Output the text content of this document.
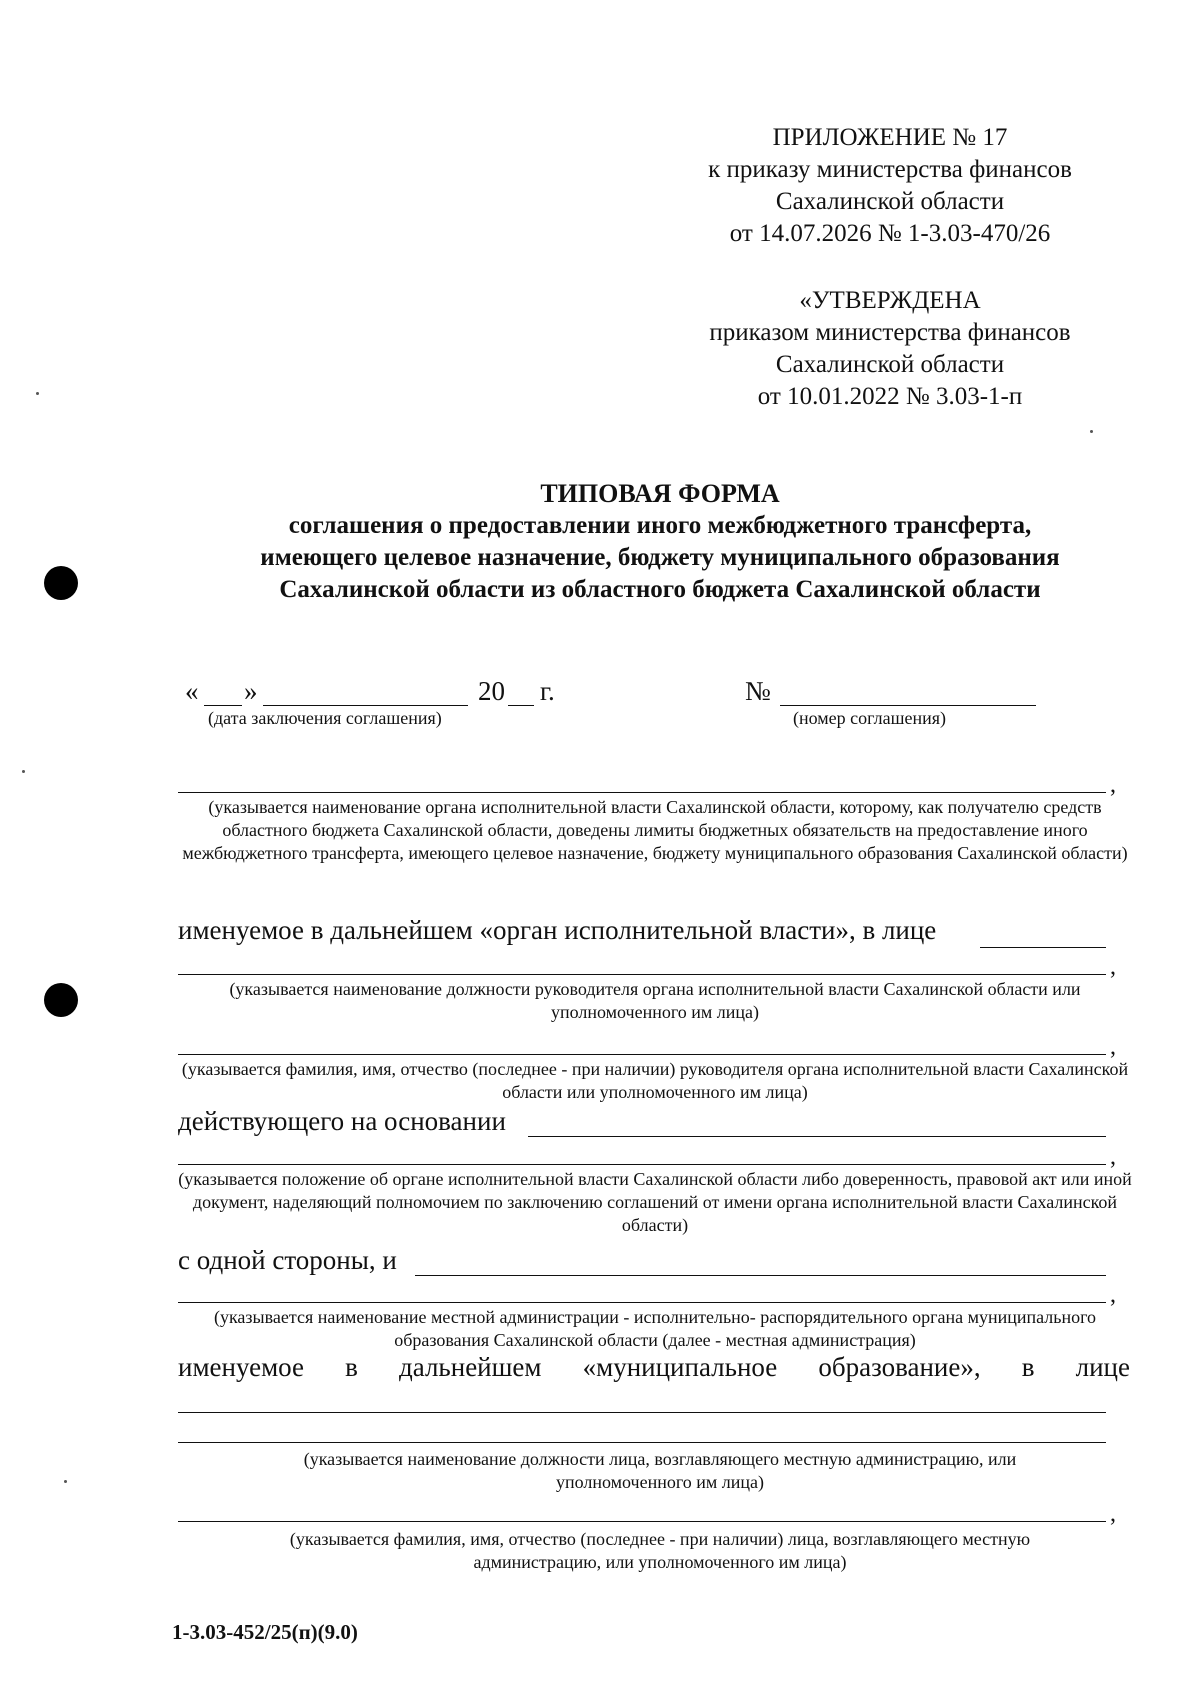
ПРИЛОЖЕНИЕ № 17
к приказу министерства финансов
Сахалинской области
от 14.07.2026 № 1-3.03-470/26
«УТВЕРЖДЕНА
приказом министерства финансов
Сахалинской области
от 10.01.2022 № 3.03-1-п
ТИПОВАЯ ФОРМА
соглашения о предоставлении иного межбюджетного трансферта,
имеющего целевое назначение, бюджету муниципального образования
Сахалинской области из областного бюджета Сахалинской области
« »	20 г.	№
(дата заключения соглашения)	(номер соглашения)
,
(указывается наименование органа исполнительной власти Сахалинской области, которому, как получателю средств областного бюджета Сахалинской области, доведены лимиты бюджетных обязательств на предоставление иного межбюджетного трансферта, имеющего целевое назначение, бюджету муниципального образования Сахалинской области)
именуемое в дальнейшем «орган исполнительной власти», в лице
,
(указывается наименование должности руководителя органа исполнительной власти Сахалинской области или уполномоченного им лица)
,
(указывается фамилия, имя, отчество (последнее - при наличии) руководителя органа исполнительной власти Сахалинской области или уполномоченного им лица)
действующего на основании
,
(указывается положение об органе исполнительной власти Сахалинской области либо доверенность, правовой акт или иной документ, наделяющий полномочием по заключению соглашений от имени органа исполнительной власти Сахалинской области)
с одной стороны, и
,
(указывается наименование местной администрации - исполнительно- распорядительного органа муниципального образования Сахалинской области (далее - местная администрация)
именуемое в дальнейшем «муниципальное образование», в лице
(указывается наименование должности лица, возглавляющего местную администрацию, или уполномоченного им лица)
,
(указывается фамилия, имя, отчество (последнее - при наличии) лица, возглавляющего местную администрацию, или уполномоченного им лица)
1-3.03-452/25(п)(9.0)
